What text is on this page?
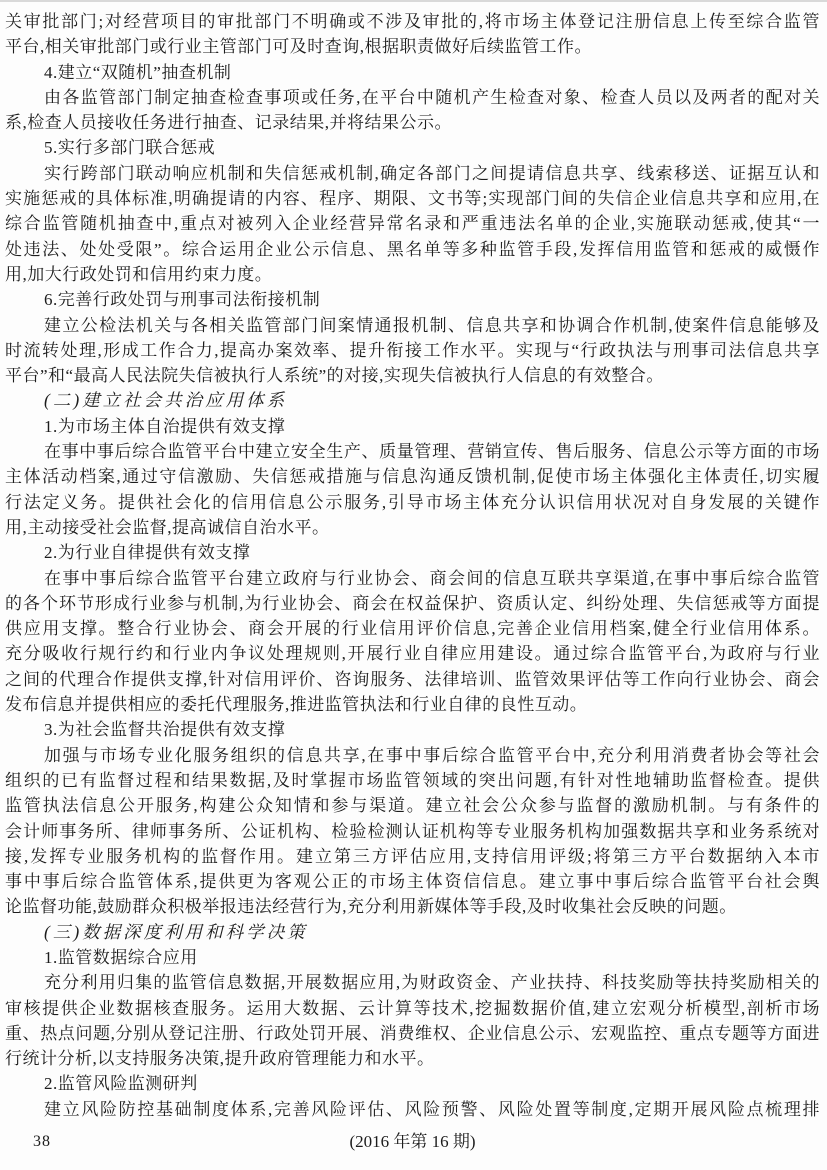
关审批部门;对经营项目的审批部门不明确或不涉及审批的,将市场主体登记注册信息上传至综合监管
平台,相关审批部门或行业主管部门可及时查询,根据职责做好后续监管工作。
4.建立“双随机”抽查机制
由各监管部门制定抽查检查事项或任务,在平台中随机产生检查对象、检查人员以及两者的配对关
系,检查人员接收任务进行抽查、记录结果,并将结果公示。
5.实行多部门联合惩戒
实行跨部门联动响应机制和失信惩戒机制,确定各部门之间提请信息共享、线索移送、证据互认和
实施惩戒的具体标准,明确提请的内容、程序、期限、文书等;实现部门间的失信企业信息共享和应用,在
综合监管随机抽查中,重点对被列入企业经营异常名录和严重违法名单的企业,实施联动惩戒,使其“一
处违法、处处受限”。综合运用企业公示信息、黑名单等多种监管手段,发挥信用监管和惩戒的威慑作
用,加大行政处罚和信用约束力度。
6.完善行政处罚与刑事司法衔接机制
建立公检法机关与各相关监管部门间案情通报机制、信息共享和协调合作机制,使案件信息能够及
时流转处理,形成工作合力,提高办案效率、提升衔接工作水平。实现与“行政执法与刑事司法信息共享
平台”和“最高人民法院失信被执行人系统”的对接,实现失信被执行人信息的有效整合。
(二)建立社会共治应用体系
1.为市场主体自治提供有效支撑
在事中事后综合监管平台中建立安全生产、质量管理、营销宣传、售后服务、信息公示等方面的市场
主体活动档案,通过守信激励、失信惩戒措施与信息沟通反馈机制,促使市场主体强化主体责任,切实履
行法定义务。提供社会化的信用信息公示服务,引导市场主体充分认识信用状况对自身发展的关键作
用,主动接受社会监督,提高诚信自治水平。
2.为行业自律提供有效支撑
在事中事后综合监管平台建立政府与行业协会、商会间的信息互联共享渠道,在事中事后综合监管
的各个环节形成行业参与机制,为行业协会、商会在权益保护、资质认定、纠纷处理、失信惩戒等方面提
供应用支撑。整合行业协会、商会开展的行业信用评价信息,完善企业信用档案,健全行业信用体系。
充分吸收行规行约和行业内争议处理规则,开展行业自律应用建设。通过综合监管平台,为政府与行业
之间的代理合作提供支撑,针对信用评价、咨询服务、法律培训、监管效果评估等工作向行业协会、商会
发布信息并提供相应的委托代理服务,推进监管执法和行业自律的良性互动。
3.为社会监督共治提供有效支撑
加强与市场专业化服务组织的信息共享,在事中事后综合监管平台中,充分利用消费者协会等社会
组织的已有监督过程和结果数据,及时掌握市场监管领域的突出问题,有针对性地辅助监督检查。提供
监管执法信息公开服务,构建公众知情和参与渠道。建立社会公众参与监督的激励机制。与有条件的
会计师事务所、律师事务所、公证机构、检验检测认证机构等专业服务机构加强数据共享和业务系统对
接,发挥专业服务机构的监督作用。建立第三方评估应用,支持信用评级;将第三方平台数据纳入本市
事中事后综合监管体系,提供更为客观公正的市场主体资信信息。建立事中事后综合监管平台社会舆
论监督功能,鼓励群众积极举报违法经营行为,充分利用新媒体等手段,及时收集社会反映的问题。
(三)数据深度利用和科学决策
1.监管数据综合应用
充分利用归集的监管信息数据,开展数据应用,为财政资金、产业扶持、科技奖励等扶持奖励相关的
审核提供企业数据核查服务。运用大数据、云计算等技术,挖掘数据价值,建立宏观分析模型,剖析市场
重、热点问题,分别从登记注册、行政处罚开展、消费维权、企业信息公示、宏观监控、重点专题等方面进
行统计分析,以支持服务决策,提升政府管理能力和水平。
2.监管风险监测研判
建立风险防控基础制度体系,完善风险评估、风险预警、风险处置等制度,定期开展风险点梳理排
38	(2016 年第 16 期)
